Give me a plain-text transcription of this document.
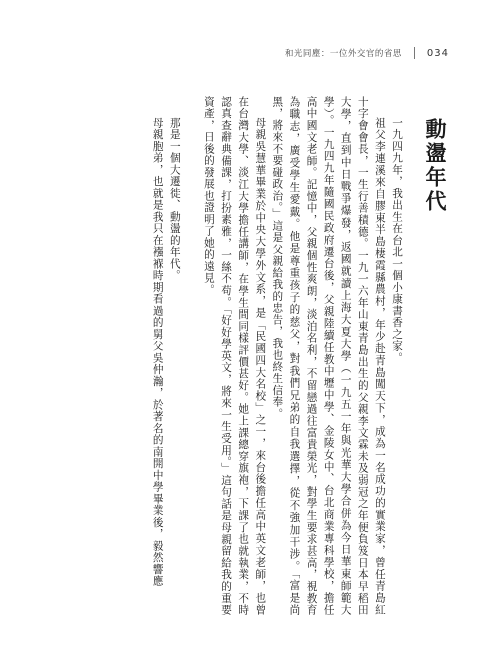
和光同塵：一位外交官的省思	034
動盪年代

一九四九年，我出生在台北一個小康書香之家。

祖父李連溪來自膠東半島棲霞縣農村，年少赴青島闖天下，成為一名成功的實業家，曾任青島紅十字會會長，一生行善積德。一九一六年山東青島出生的父親李文霖未及弱冠之年便負笈日本早稻田大學，直到中日戰爭爆發，返國就讀上海大夏大學（一九五一年與光華大學合併為今日華東師範大學）。一九四九年隨國民政府遷台後，父親陸續任教中壢中學、金陵女中、台北商業專科學校，擔任高中國文老師。記憶中，父親個性爽朗，淡泊名利，不留戀過往富貴榮光，對學生要求甚高，視教育為職志，廣受學生愛戴。他是尊重孩子的慈父，對我們兄弟的自我選擇，從不強加干涉。「富是尚黑，將來不要碰政治。」這是父親給我的忠告，我也終生信奉。

母親吳慧華畢業於中央大學外文系，是「民國四大名校」之一，來台後擔任高中英文老師，也曾在台灣大學、淡江大學擔任講師，在學生間同樣評價甚好。她上課總穿旗袍，下課了也就執業，不時認真查辭典備課，打扮素雅，一絲不苟。「好好學英文，將來一生受用。」這句話是母親留給我的重要資產，日後的發展也證明了她的遠見。

那是一個大遷徙、動盪的年代。

母親胞弟，也就是我只在襁褓時期看過的舅父吳仲瀚，於著名的南開中學畢業後，毅然響應
